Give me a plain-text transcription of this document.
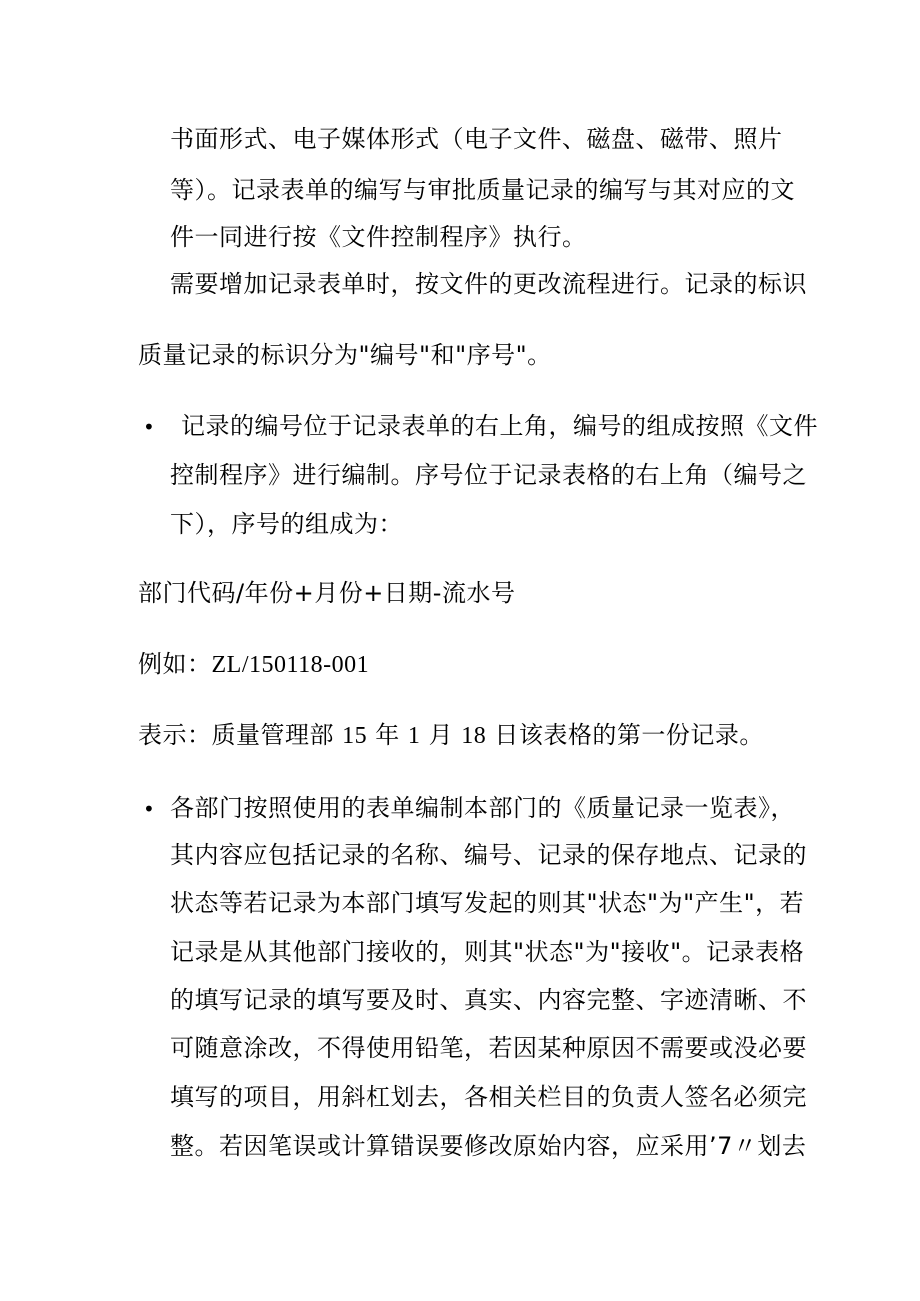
书面形式、电子媒体形式（电子文件、磁盘、磁带、照片
等）。记录表单的编写与审批质量记录的编写与其对应的文
件一同进行按《文件控制程序》执行。
需要增加记录表单时，按文件的更改流程进行。记录的标识
质量记录的标识分为"编号"和"序号"。
• 记录的编号位于记录表单的右上角，编号的组成按照《文件
控制程序》进行编制。序号位于记录表格的右上角（编号之
下），序号的组成为：
部门代码/年份+月份+日期-流水号
例如：ZL/150118-001
表示：质量管理部 15 年 1 月 18 日该表格的第一份记录。
• 各部门按照使用的表单编制本部门的《质量记录一览表》，
其内容应包括记录的名称、编号、记录的保存地点、记录的
状态等若记录为本部门填写发起的则其"状态"为"产生"，若
记录是从其他部门接收的，则其"状态"为"接收"。记录表格
的填写记录的填写要及时、真实、内容完整、字迹清晰、不
可随意涂改，不得使用铅笔，若因某种原因不需要或没必要
填写的项目，用斜杠划去，各相关栏目的负责人签名必须完
整。若因笔误或计算错误要修改原始内容，应采用’7〃划去
